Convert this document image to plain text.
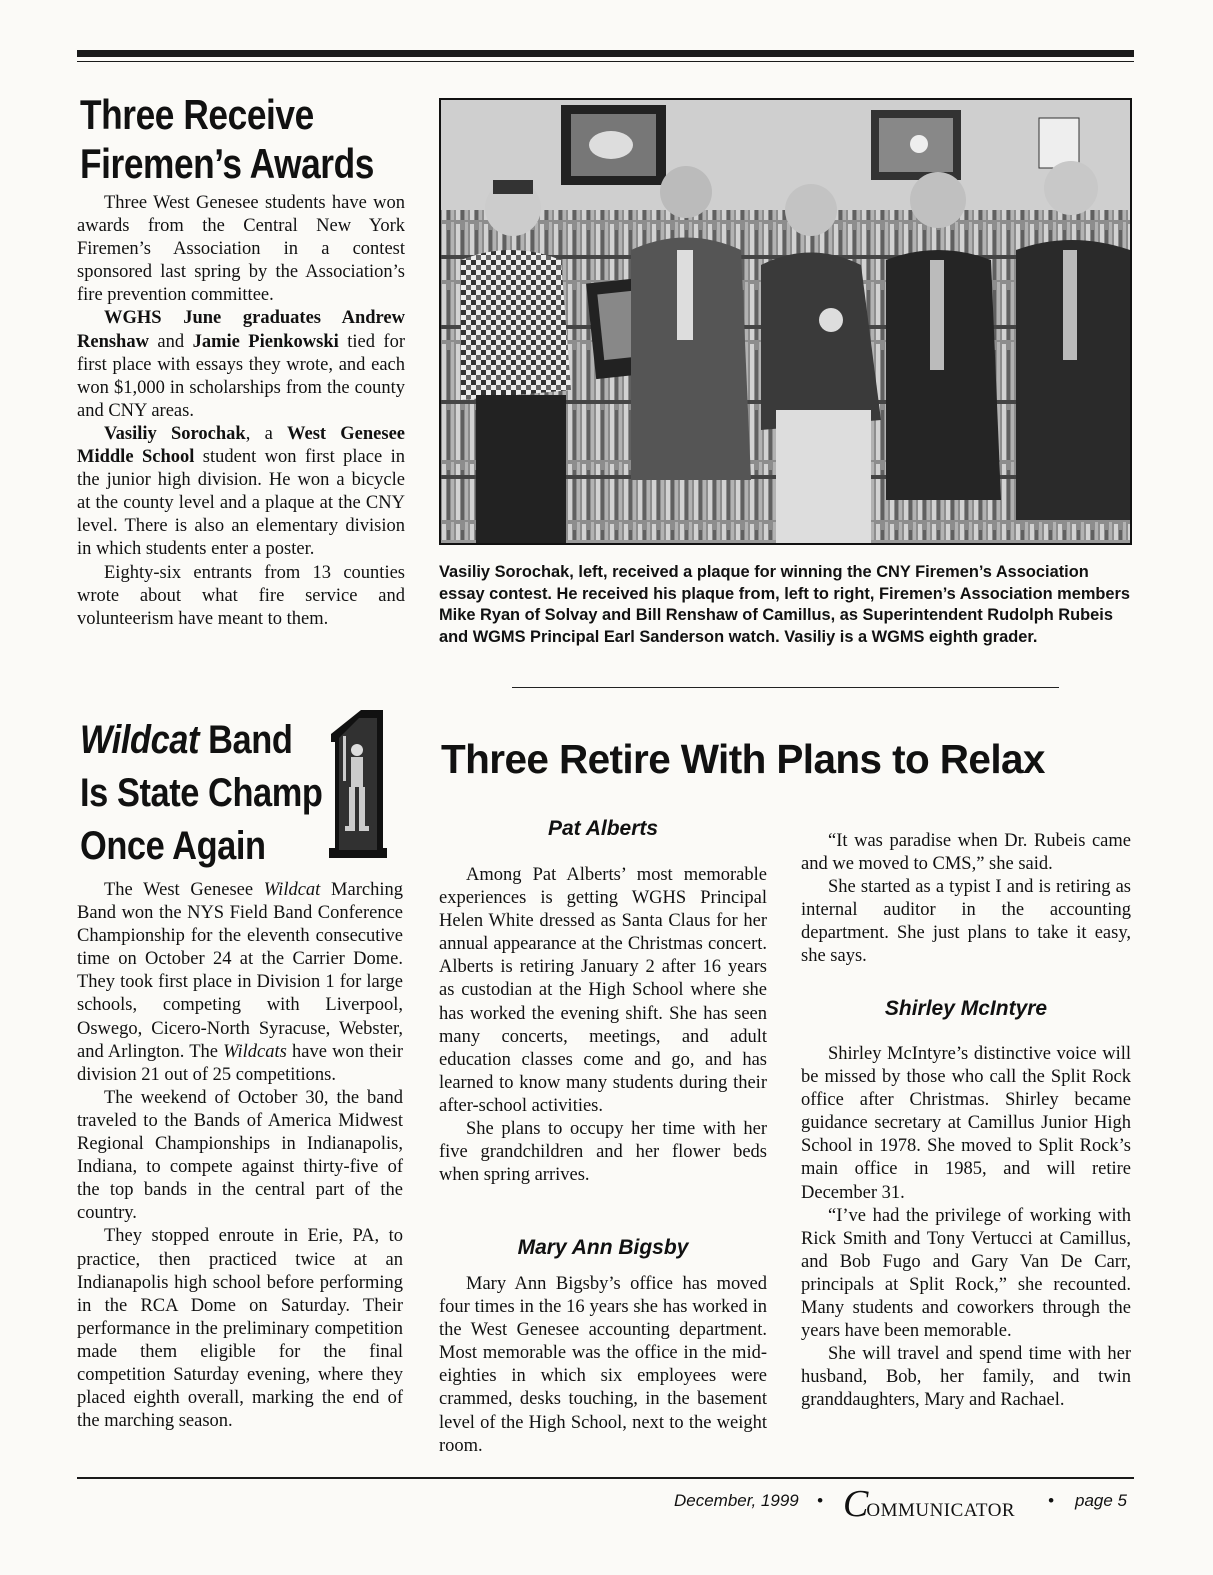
Three Receive
Firemen’s Awards

Three West Genesee students have won awards from the Central New York Firemen’s Association in a contest sponsored last spring by the Association’s fire prevention committee.

WGHS June graduates Andrew Renshaw and Jamie Pienkowski tied for first place with essays they wrote, and each won $1,000 in scholarships from the county and CNY areas.

Vasiliy Sorochak, a West Genesee Middle School student won first place in the junior high division. He won a bicycle at the county level and a plaque at the CNY level. There is also an elementary division in which students enter a poster.

Eighty-six entrants from 13 counties wrote about what fire service and volunteerism have meant to them.

Vasiliy Sorochak, left, received a plaque for winning the CNY Firemen’s Association essay contest. He received his plaque from, left to right, Firemen’s Association members Mike Ryan of Solvay and Bill Renshaw of Camillus, as Superintendent Rudolph Rubeis and WGMS Principal Earl Sanderson watch. Vasiliy is a WGMS eighth grader.
Wildcat Band
Is State Champ
Once Again

The West Genesee Wildcat Marching Band won the NYS Field Band Conference Championship for the eleventh consecutive time on October 24 at the Carrier Dome. They took first place in Division 1 for large schools, competing with Liverpool, Oswego, Cicero-North Syracuse, Webster, and Arlington. The Wildcats have won their division 21 out of 25 competitions.

The weekend of October 30, the band traveled to the Bands of America Midwest Regional Championships in Indianapolis, Indiana, to compete against thirty-five of the top bands in the central part of the country.

They stopped enroute in Erie, PA, to practice, then practiced twice at an Indianapolis high school before performing in the RCA Dome on Saturday. Their performance in the preliminary competition made them eligible for the final competition Saturday evening, where they placed eighth overall, marking the end of the marching season.

Three Retire With Plans to Relax
Pat Alberts

Among Pat Alberts’ most memorable experiences is getting WGHS Principal Helen White dressed as Santa Claus for her annual appearance at the Christmas concert. Alberts is retiring January 2 after 16 years as custodian at the High School where she has worked the evening shift. She has seen many concerts, meetings, and adult education classes come and go, and has learned to know many students during their after-school activities.

She plans to occupy her time with her five grandchildren and her flower beds when spring arrives.

Mary Ann Bigsby

Mary Ann Bigsby’s office has moved four times in the 16 years she has worked in the West Genesee accounting department. Most memorable was the office in the mid-eighties in which six employees were crammed, desks touching, in the basement level of the High School, next to the weight room.

“It was paradise when Dr. Rubeis came and we moved to CMS,” she said.

She started as a typist I and is retiring as internal auditor in the accounting department. She just plans to take it easy, she says.

Shirley McIntyre

Shirley McIntyre’s distinctive voice will be missed by those who call the Split Rock office after Christmas. Shirley became guidance secretary at Camillus Junior High School in 1978. She moved to Split Rock’s main office in 1985, and will retire December 31.

“I’ve had the privilege of working with Rick Smith and Tony Vertucci at Camillus, and Bob Fugo and Gary Van De Carr, principals at Split Rock,” she recounted. Many students and coworkers through the years have been memorable.

She will travel and spend time with her husband, Bob, her family, and twin granddaughters, Mary and Rachael.

December, 1999 • COMMUNICATOR • page 5
